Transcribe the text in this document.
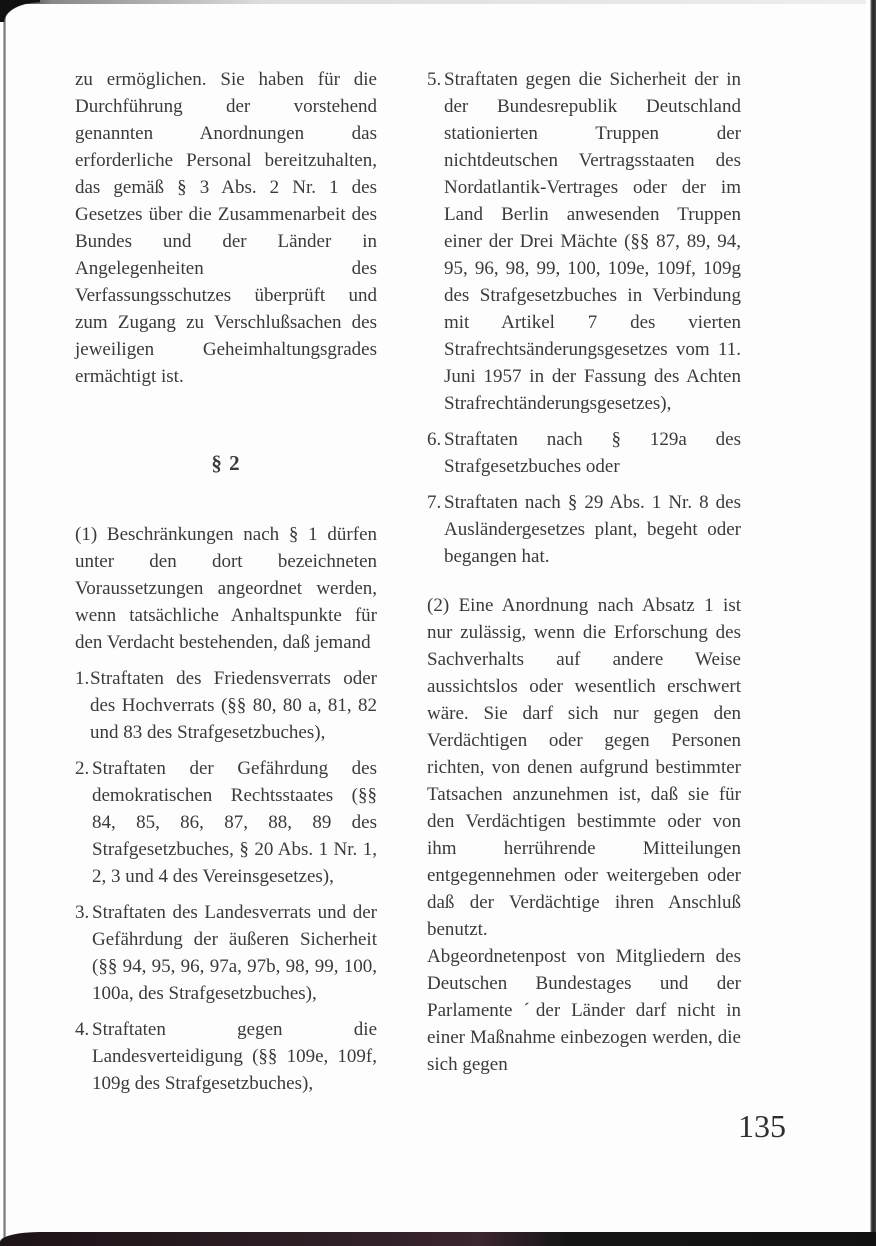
zu ermöglichen. Sie haben für die Durchführung der vorstehend genannten Anordnungen das erforderliche Personal bereitzuhalten, das gemäß § 3 Abs. 2 Nr. 1 des Gesetzes über die Zusammenarbeit des Bundes und der Länder in Angelegenheiten des Verfassungsschutzes überprüft und zum Zugang zu Verschlußsachen des jeweiligen Geheimhaltungsgrades ermächtigt ist.

§ 2

(1) Beschränkungen nach § 1 dürfen unter den dort bezeichneten Voraussetzungen angeordnet werden, wenn tatsächliche Anhaltspunkte für den Verdacht bestehenden, daß jemand

1. Straftaten des Friedensverrats oder des Hochverrats (§§ 80, 80 a, 81, 82 und 83 des Strafgesetzbuches),
2. Straftaten der Gefährdung des demokratischen Rechtsstaates (§§ 84, 85, 86, 87, 88, 89 des Strafgesetzbuches, § 20 Abs. 1 Nr. 1, 2, 3 und 4 des Vereinsgesetzes),
3. Straftaten des Landesverrats und der Gefährdung der äußeren Sicherheit (§§ 94, 95, 96, 97a, 97b, 98, 99, 100, 100a, des Strafgesetzbuches),
4. Straftaten gegen die Landesverteidigung (§§ 109e, 109f, 109g des Strafgesetzbuches),
5. Straftaten gegen die Sicherheit der in der Bundesrepublik Deutschland stationierten Truppen der nichtdeutschen Vertragsstaaten des Nordatlantik-Vertrages oder der im Land Berlin anwesenden Truppen einer der Drei Mächte (§§ 87, 89, 94, 95, 96, 98, 99, 100, 109e, 109f, 109g des Strafgesetzbuches in Verbindung mit Artikel 7 des vierten Strafrechtsänderungsgesetzes vom 11. Juni 1957 in der Fassung des Achten Strafrechtänderungsgesetzes),
6. Straftaten nach § 129a des Strafgesetzbuches oder
7. Straftaten nach § 29 Abs. 1 Nr. 8 des Ausländergesetzes plant, begeht oder begangen hat.

(2) Eine Anordnung nach Absatz 1 ist nur zulässig, wenn die Erforschung des Sachverhalts auf andere Weise aussichtslos oder wesentlich erschwert wäre. Sie darf sich nur gegen den Verdächtigen oder gegen Personen richten, von denen aufgrund bestimmter Tatsachen anzunehmen ist, daß sie für den Verdächtigen bestimmte oder von ihm herrührende Mitteilungen entgegennehmen oder weitergeben oder daß der Verdächtige ihren Anschluß benutzt.

Abgeordnetenpost von Mitgliedern des Deutschen Bundestages und der Parlamente ˊder Länder darf nicht in einer Maßnahme einbezogen werden, die sich gegen

135
